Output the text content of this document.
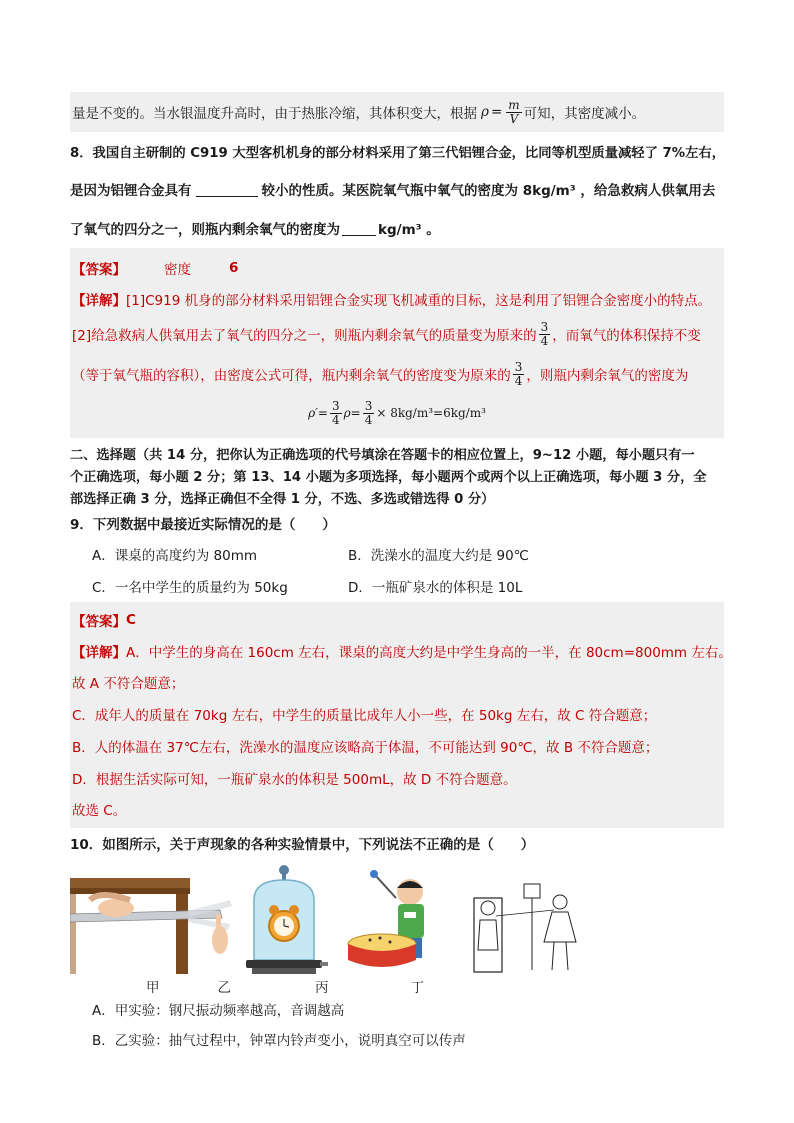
量是不变的。当水银温度升高时，由于热胀冷缩，其体积变大，根据 $\rho = \frac{m}{V}$ 可知，其密度减小。
8．我国自主研制的 C919 大型客机机身的部分材料采用了第三代铝锂合金，比同等机型质量减轻了 7%左右，
是因为铝锂合金具有	较小的性质。某医院氧气瓶中氧气的密度为 8kg/m³ ，给急救病人供氧用去
了氧气的四分之一，则瓶内剩余氧气的密度为	kg/m³ 。
【答案】	密度	6
【详解】 [1]C919 机身的部分材料采用铝锂合金实现飞机减重的目标，这是利用了铝锂合金密度小的特点。
[2]给急救病人供氧用去了氧气的四分之一，则瓶内剩余氧气的质量变为原来的 $\frac{3}{4}$ ，而氧气的体积保持不变
（等于氧气瓶的容积），由密度公式可得，瓶内剩余氧气的密度变为原来的 $\frac{3}{4}$ ，则瓶内剩余氧气的密度为
$\rho'= \frac{3}{4} \rho= \frac{3}{4} \times 8kg/m^3=6kg/m^3$
二、选择题（共 14 分，把你认为正确选项的代号填涂在答题卡的相应位置上，9~12 小题，每小题只有一
个正确选项，每小题 2 分；第 13、14 小题为多项选择，每小题两个或两个以上正确选项，每小题 3 分，全
部选择正确 3 分，选择正确但不全得 1 分，不选、多选或错选得 0 分）
9．下列数据中最接近实际情况的是（　　）
A．课桌的高度约为 80mm	B．洗澡水的温度大约是 90℃
C．一名中学生的质量约为 50kg	D．一瓶矿泉水的体积是 10L
【答案】 C
【详解】 A．中学生的身高在 160cm 左右，课桌的高度大约是中学生身高的一半，在 80cm=800mm 左右。
故 A 不符合题意；
C．成年人的质量在 70kg 左右，中学生的质量比成年人小一些，在 50kg 左右，故 C 符合题意；
B．人的体温在 37℃左右，洗澡水的温度应该略高于体温，不可能达到 90℃，故 B 不符合题意；
D．根据生活实际可知，一瓶矿泉水的体积是 500mL，故 D 不符合题意。
故选 C。
10．如图所示，关于声现象的各种实验情景中，下列说法不正确的是（　　）
甲	乙	丙	丁
A．甲实验：钢尺振动频率越高，音调越高
B．乙实验：抽气过程中，钟罩内铃声变小，说明真空可以传声
